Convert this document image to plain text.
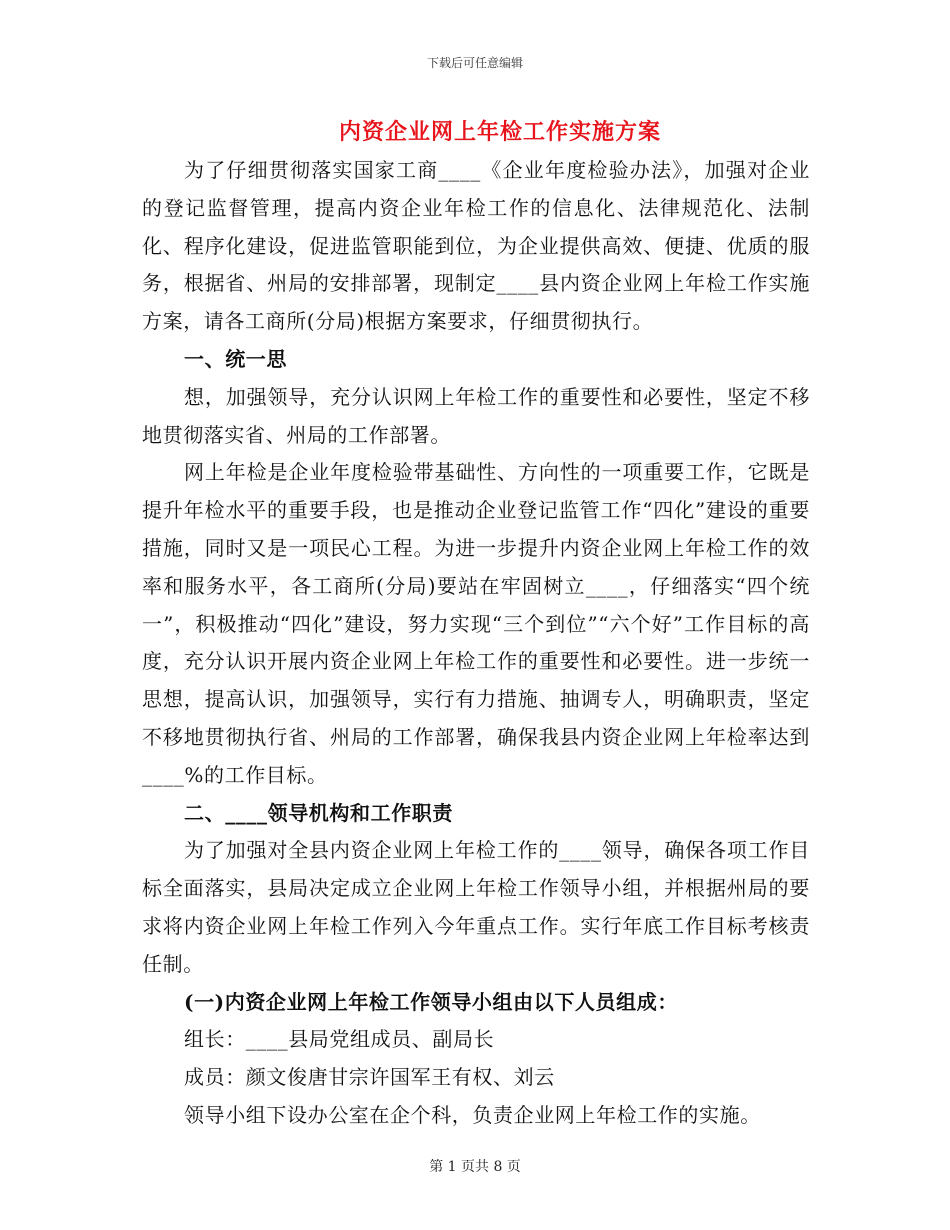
下载后可任意编辑
内资企业网上年检工作实施方案

为了仔细贯彻落实国家工商____《企业年度检验办法》，加强对企业的登记监督管理，提高内资企业年检工作的信息化、法律规范化、法制化、程序化建设，促进监管职能到位，为企业提供高效、便捷、优质的服务，根据省、州局的安排部署，现制定____县内资企业网上年检工作实施方案，请各工商所(分局)根据方案要求，仔细贯彻执行。

一、统一思

想，加强领导，充分认识网上年检工作的重要性和必要性，坚定不移地贯彻落实省、州局的工作部署。

网上年检是企业年度检验带基础性、方向性的一项重要工作，它既是提升年检水平的重要手段，也是推动企业登记监管工作“四化”建设的重要措施，同时又是一项民心工程。为进一步提升内资企业网上年检工作的效率和服务水平，各工商所(分局)要站在牢固树立____，仔细落实“四个统一”，积极推动“四化”建设，努力实现“三个到位”“六个好”工作目标的高度，充分认识开展内资企业网上年检工作的重要性和必要性。进一步统一思想，提高认识，加强领导，实行有力措施、抽调专人，明确职责，坚定不移地贯彻执行省、州局的工作部署，确保我县内资企业网上年检率达到____%的工作目标。

二、____领导机构和工作职责

为了加强对全县内资企业网上年检工作的____领导，确保各项工作目标全面落实，县局决定成立企业网上年检工作领导小组，并根据州局的要求将内资企业网上年检工作列入今年重点工作。实行年底工作目标考核责任制。

(一)内资企业网上年检工作领导小组由以下人员组成：

组长：____县局党组成员、副局长

成员：颜文俊唐甘宗许国军王有权、刘云

领导小组下设办公室在企个科，负责企业网上年检工作的实施。

第 1 页共 8 页
